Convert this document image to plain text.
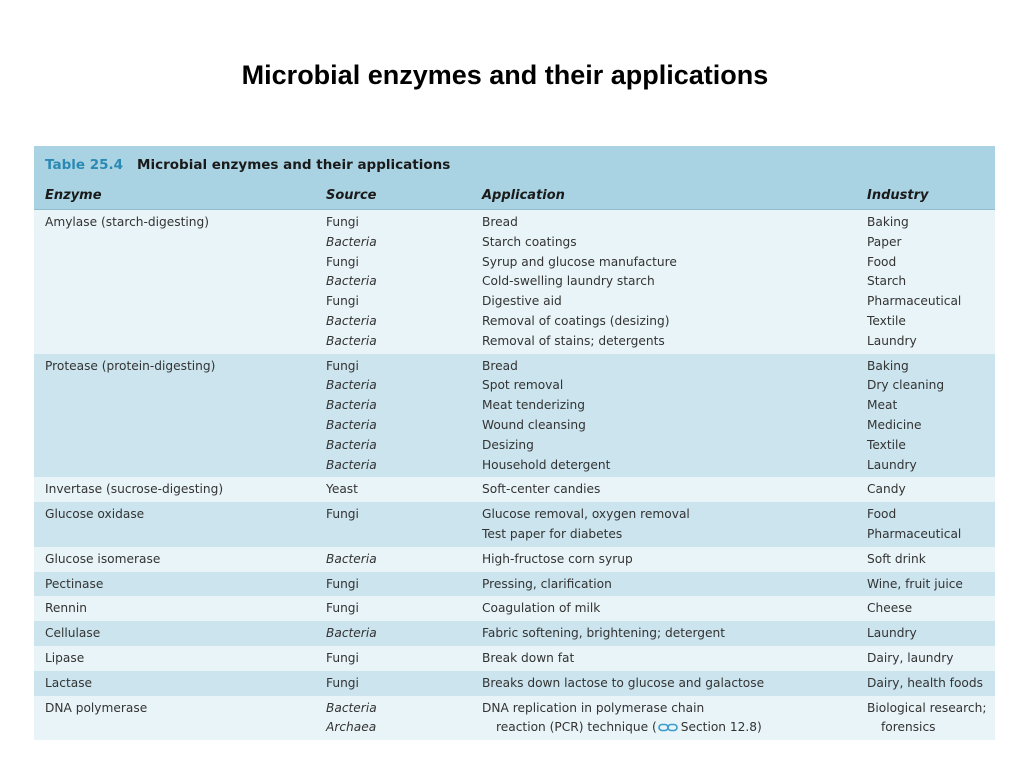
Microbial enzymes and their applications
Table 25.4 Microbial enzymes and their applications
Enzyme	Source	Application	Industry
Amylase (starch-digesting)	Fungi	Bread	Baking
Bacteria	Starch coatings	Paper
Fungi	Syrup and glucose manufacture	Food
Bacteria	Cold-swelling laundry starch	Starch
Fungi	Digestive aid	Pharmaceutical
Bacteria	Removal of coatings (desizing)	Textile
Bacteria	Removal of stains; detergents	Laundry
Protease (protein-digesting)	Fungi	Bread	Baking
Bacteria	Spot removal	Dry cleaning
Bacteria	Meat tenderizing	Meat
Bacteria	Wound cleansing	Medicine
Bacteria	Desizing	Textile
Bacteria	Household detergent	Laundry
Invertase (sucrose-digesting)	Yeast	Soft-center candies	Candy
Glucose oxidase	Fungi	Glucose removal, oxygen removal	Food
Test paper for diabetes	Pharmaceutical
Glucose isomerase	Bacteria	High-fructose corn syrup	Soft drink
Pectinase	Fungi	Pressing, clarification	Wine, fruit juice
Rennin	Fungi	Coagulation of milk	Cheese
Cellulase	Bacteria	Fabric softening, brightening; detergent	Laundry
Lipase	Fungi	Break down fat	Dairy, laundry
Lactase	Fungi	Breaks down lactose to glucose and galactose	Dairy, health foods
DNA polymerase	Bacteria	DNA replication in polymerase chain	Biological research;
Archaea	reaction (PCR) technique ( Section 12.8)	forensics
